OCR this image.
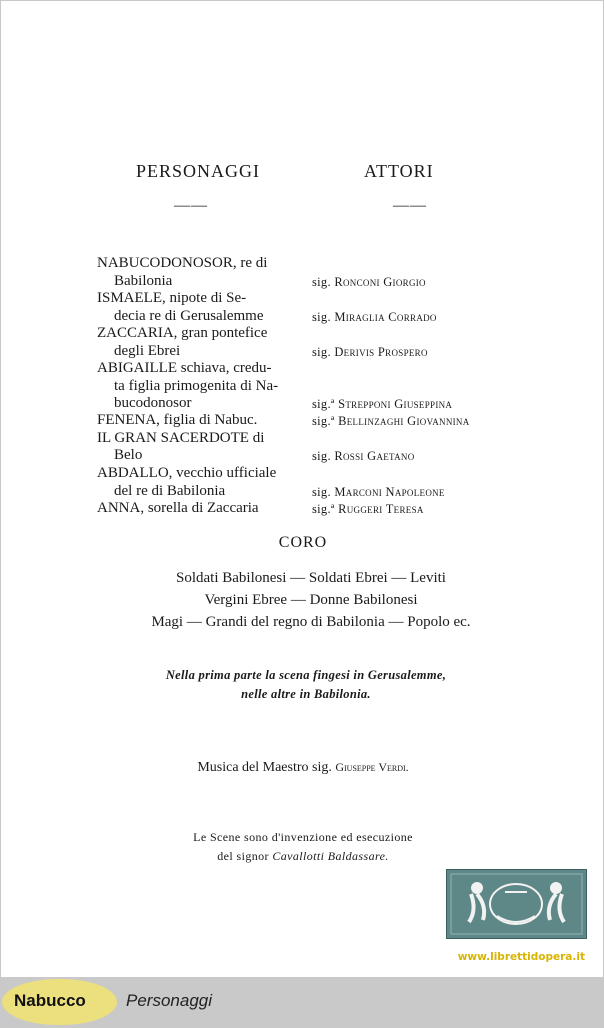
PERSONAGGI	ATTORI
——	——
NABUCODONOSOR, re di
Babilonia
ISMAELE, nipote di Se-
decia re di Gerusalemme
ZACCARIA, gran pontefice
degli Ebrei
ABIGAILLE schiava, credu-
ta figlia primogenita di Na-
bucodonosor
FENENA, figlia di Nabuc.
IL GRAN SACERDOTE di
Belo
ABDALLO, vecchio ufficiale
del re di Babilonia
ANNA, sorella di Zaccaria
sig. Ronconi Giorgio
sig. Miraglia Corrado
sig. Derivis Prospero
sig.ª Strepponi Giuseppina
sig.ª Bellinzaghi Giovannina
sig. Rossi Gaetano
sig. Marconi Napoleone
sig.ª Ruggeri Teresa
CORO
Soldati Babilonesi — Soldati Ebrei — Leviti
Vergini Ebree — Donne Babilonesi
Magi — Grandi del regno di Babilonia — Popolo ec.
Nella prima parte la scena fingesi in Gerusalemme,
nelle altre in Babilonia.
Musica del Maestro sig. Giuseppe Verdi.
Le Scene sono d'invenzione ed esecuzione
del signor Cavallotti Baldassare.
www.librettidopera.it
Nabucco Personaggi
